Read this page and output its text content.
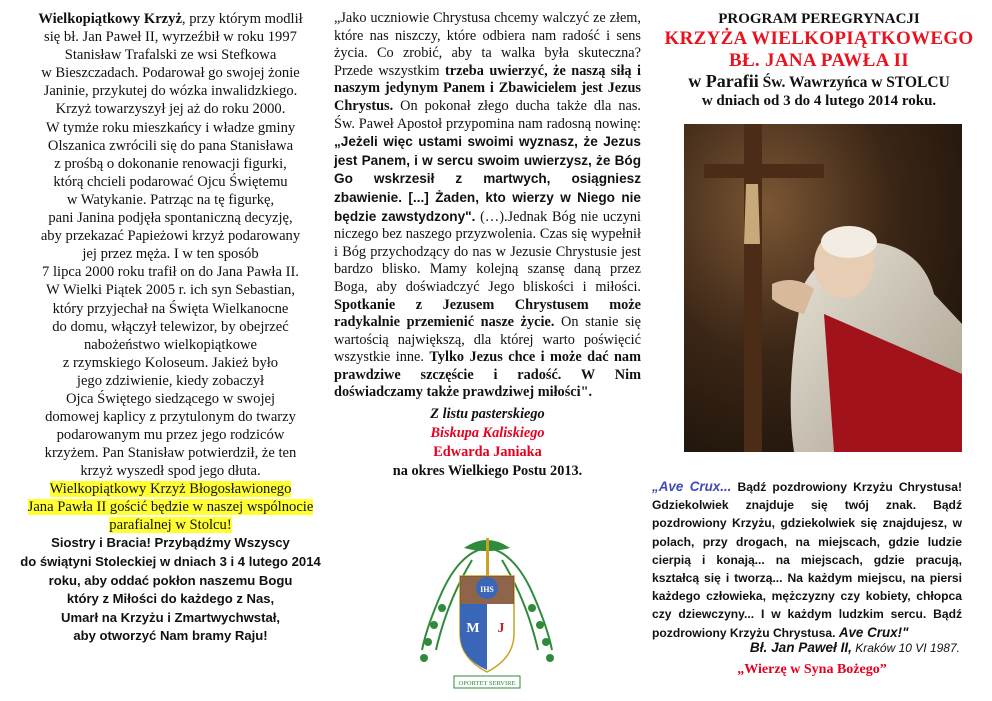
Wielkopiątkowy Krzyż, przy którym modlił
się bł. Jan Paweł II, wyrzeźbił w roku 1997
Stanisław Trafalski ze wsi Stefkowa
w Bieszczadach. Podarował go swojej żonie
Janinie, przykutej do wózka inwalidzkiego.
Krzyż towarzyszył jej aż do roku 2000.
W tymże roku mieszkańcy i władze gminy
Olszanica zwrócili się do pana Stanisława
z prośbą o dokonanie renowacji figurki,
którą chcieli podarować Ojcu Świętemu
w Watykanie. Patrząc na tę figurkę,
pani Janina podjęła spontaniczną decyzję,
aby przekazać Papieżowi krzyż podarowany
jej przez męża. I w ten sposób
7 lipca 2000 roku trafił on do Jana Pawła II.
W Wielki Piątek 2005 r. ich syn Sebastian,
który przyjechał na Święta Wielkanocne
do domu, włączył telewizor, by obejrzeć
nabożeństwo wielkopiątkowe
z rzymskiego Koloseum. Jakież było
jego zdziwienie, kiedy zobaczył
Ojca Świętego siedzącego w swojej
domowej kaplicy z przytulonym do twarzy
podarowanym mu przez jego rodziców
krzyżem. Pan Stanisław potwierdził, że ten
krzyż wyszedł spod jego dłuta.

Wielkopiątkowy Krzyż Błogosławionego
Jana Pawła II gościć będzie w naszej wspólnocie
parafialnej w Stolcu!

Siostry i Bracia! Przybądźmy Wszyscy
do świątyni Stoleckiej w dniach 3 i 4 lutego 2014
roku, aby oddać pokłon naszemu Bogu
który z Miłości do każdego z Nas,
Umarł na Krzyżu i Zmartwychwstał,
aby otworzyć Nam bramy Raju!

„Jako uczniowie Chrystusa chcemy walczyć ze złem, które nas niszczy, które odbiera nam radość i sens życia. Co zrobić, aby ta walka była skuteczna? Przede wszystkim trzeba uwierzyć, że naszą siłą i naszym jedynym Panem i Zbawicielem jest Jezus Chrystus. On pokonał złego ducha także dla nas. Św. Paweł Apostoł przypomina nam radosną nowinę: „Jeżeli więc ustami swoimi wyznasz, że Jezus jest Panem, i w sercu swoim uwierzysz, że Bóg Go wskrzesił z martwych, osiągniesz zbawienie. [...] Żaden, kto wierzy w Niego nie będzie zawstydzony". (…).Jednak Bóg nie uczyni niczego bez naszego przyzwolenia. Czas się wypełnił i Bóg przychodzący do nas w Jezusie Chrystusie jest bardzo blisko. Mamy kolejną szansę daną przez Boga, aby doświadczyć Jego bliskości i miłości. Spotkanie z Jezusem Chrystusem może radykalnie przemienić nasze życie. On stanie się wartością największą, dla której warto poświęcić wszystkie inne. Tylko Jezus chce i może dać nam prawdziwe szczęście i radość. W Nim doświadczamy także prawdziwej miłości".

Z listu pasterskiego
Biskupa Kaliskiego
Edwarda Janiaka
na okres Wielkiego Postu 2013.
IHS
M J
OPORTET SERVIRE
PROGRAM PEREGRYNACJI
KRZYŻA WIELKOPIĄTKOWEGO
BŁ. JANA PAWŁA II
w Parafii Św. Wawrzyńca w STOLCU
w dniach od 3 do 4 lutego 2014 roku.
„Ave Crux... Bądź pozdrowiony Krzyżu Chrystusa! Gdziekolwiek znajduje się twój znak. Bądź pozdrowiony Krzyżu, gdziekolwiek się znajdujesz, w polach, przy drogach, na miejscach, gdzie ludzie cierpią i konają... na miejscach, gdzie pracują, kształcą się i tworzą... Na każdym miejscu, na piersi każdego człowieka, mężczyzny czy kobiety, chłopca czy dziewczyny... I w każdym ludzkim sercu. Bądź pozdrowiony Krzyżu Chrystusa. Ave Crux!"
Bł. Jan Paweł II, Kraków 10 VI 1987.
„Wierzę w Syna Bożego”
